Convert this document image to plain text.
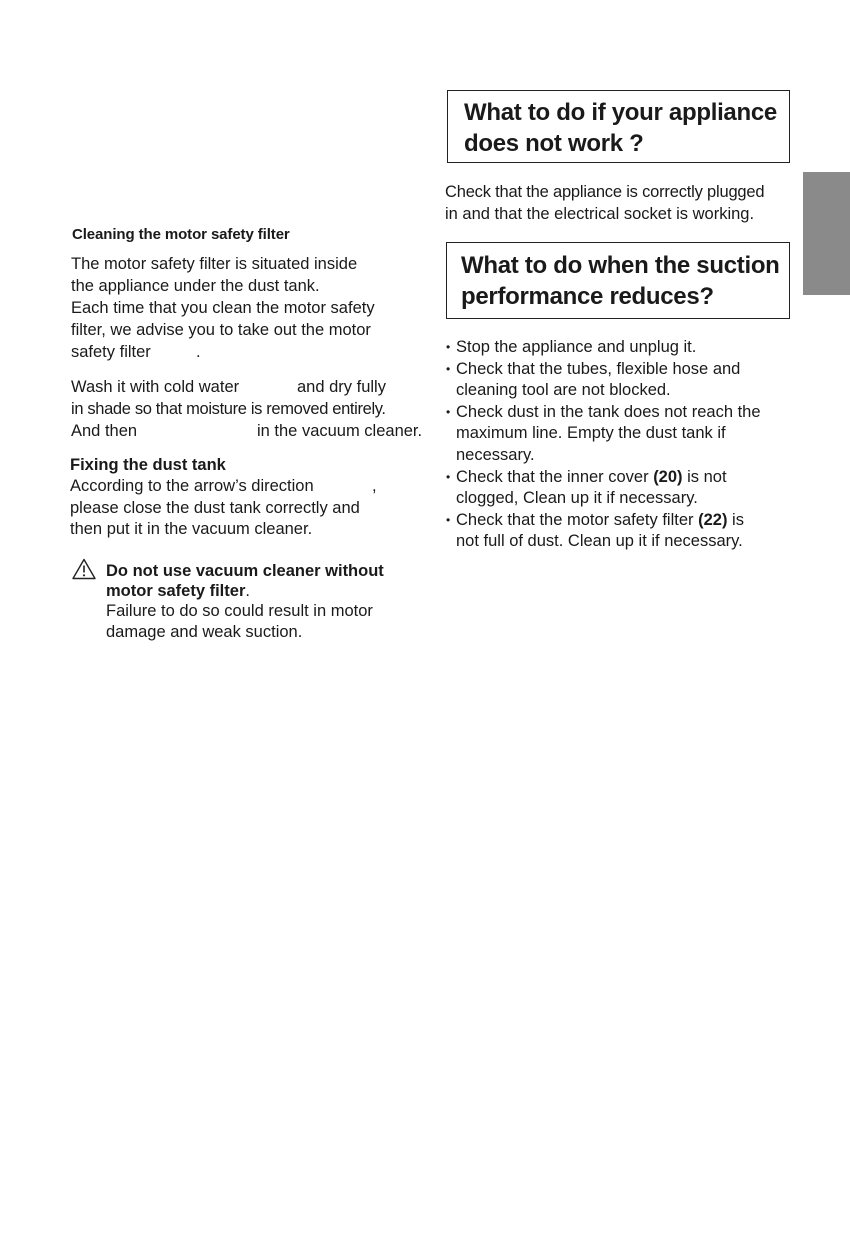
Cleaning the motor safety filter
The motor safety filter is situated inside
the appliance under the dust tank.
Each time that you clean the motor safety
filter, we advise you to take out the motor
safety filter	.
Wash it with cold water	and dry fully
in shade so that moisture is removed entirely.
And then	in the vacuum cleaner.
Fixing the dust tank
According to the arrow’s direction	,
please close the dust tank correctly and
then put it in the vacuum cleaner.
Do not use vacuum cleaner without
motor safety filter.
Failure to do so could result in motor
damage and weak suction.
What to do if your appliance
does not work ?
Check that the appliance is correctly plugged
in and that the electrical socket is working.
What to do when the suction
performance reduces?
• Stop the appliance and unplug it.
• Check that the tubes, flexible hose and
cleaning tool are not blocked.
• Check dust in the tank does not reach the
maximum line. Empty the dust tank if
necessary.
• Check that the inner cover (20) is not
clogged, Clean up it if necessary.
• Check that the motor safety filter (22) is
not full of dust. Clean up it if necessary.
